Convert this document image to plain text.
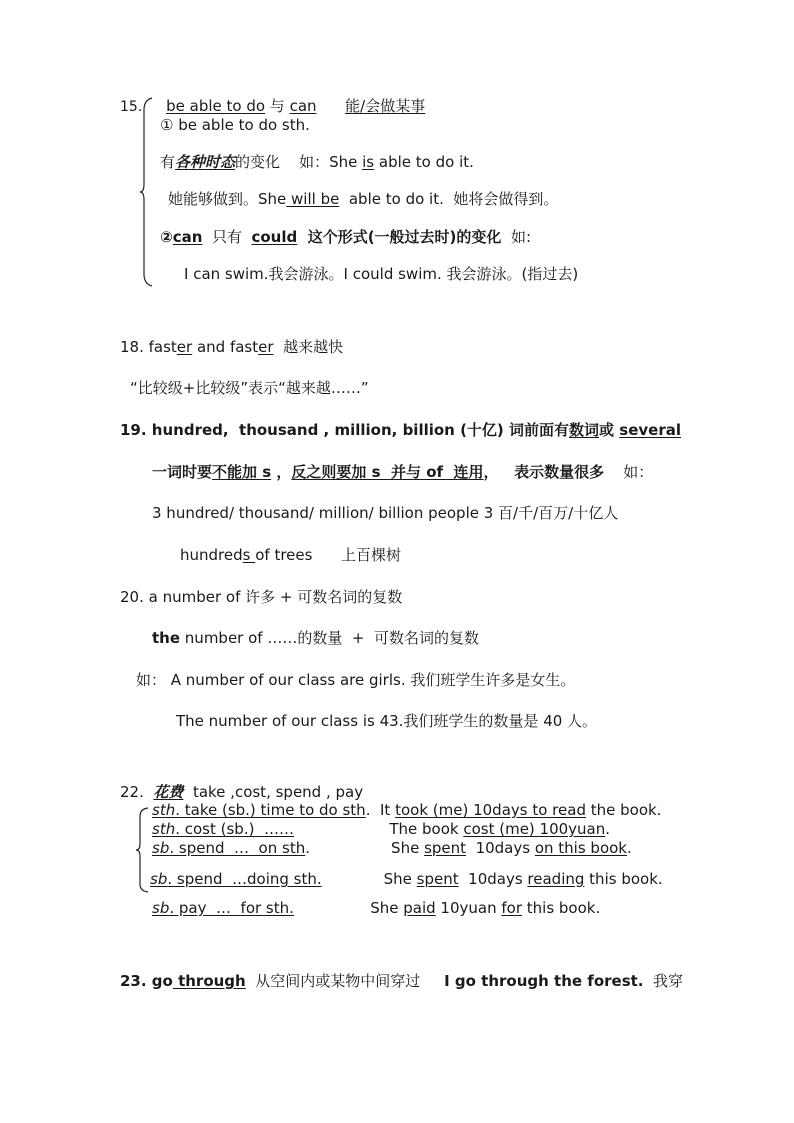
15. be able to do 与 can 能/会做某事
① be able to do sth.
有各种时态的变化    如：She is able to do it.
她能够做到。She will be  able to do it.  她将会做得到。
②can  只有  could  这个形式(一般过去时)的变化  如:
I can swim.我会游泳。I could swim. 我会游泳。(指过去)
18. faster and faster  越来越快
“比较级+比较级”表示“越来越……”
19. hundred,  thousand , million, billion (十亿) 词前面有数词或 several
一词时要不能加 s ，反之则要加 s  并与 of  连用，   表示数量很多    如：
3 hundred/ thousand/ million/ billion people 3 百/千/百万/十亿人
hundreds of trees      上百棵树
20. a number of 许多 + 可数名词的复数
the number of ……的数量  +  可数名词的复数
如： A number of our class are girls. 我们班学生许多是女生。
The number of our class is 43.我们班学生的数量是 40 人。
22.  花费  take ,cost, spend , pay
sth. take (sb.) time to do sth.  It took (me) 10days to read the book.
sth. cost (sb.)  ……                    The book cost (me) 100yuan.
sb. spend  …  on sth.                 She spent  10days on this book.
sb. spend  …doing sth.             She spent  10days reading this book.
sb. pay  …  for sth.                She paid 10yuan for this book.
23. go through  从空间内或某物中间穿过     I go through the forest.  我穿
